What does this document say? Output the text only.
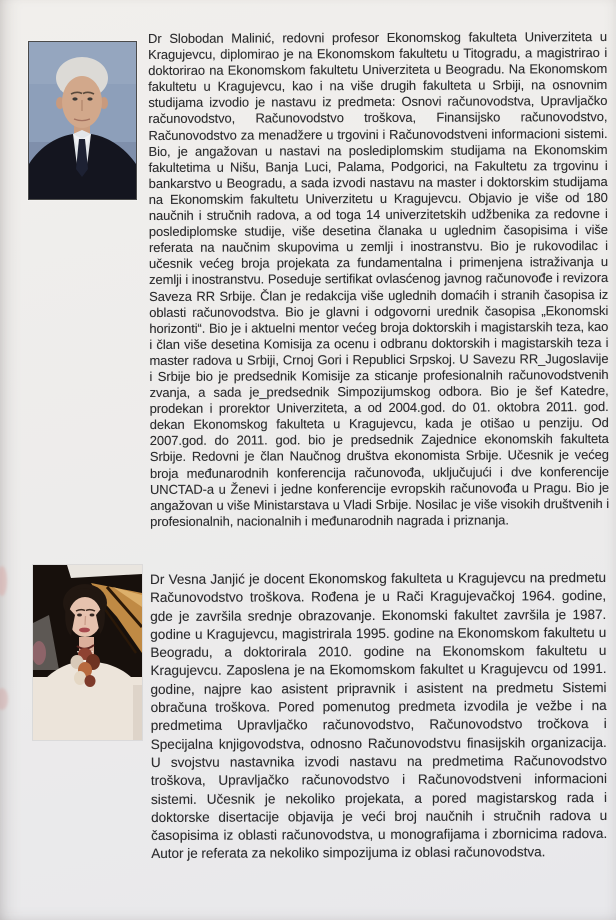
Dr Slobodan Malinić, redovni profesor Ekonomskog fakulteta Univerziteta u Kragujevcu, diplomirao je na Ekonomskom fakultetu u Titogradu, a magistrirao i doktorirao na Ekonomskom fakultetu Univerziteta u Beogradu. Na Ekonomskom fakultetu u Kragujevcu, kao i na više drugih fakulteta u Srbiji, na osnovnim studijama izvodio je nastavu iz predmeta: Osnovi računovodstva, Upravljačko računovodstvo, Računovodstvo troškova, Finansijsko računovodstvo, Računovodstvo za menadžere u trgovini i Računovodstveni informacioni sistemi. Bio, je angažovan u nastavi na poslediplomskim studijama na Ekonomskim fakultetima u Nišu, Banja Luci, Palama, Podgorici, na Fakultetu za trgovinu i bankarstvo u Beogradu, a sada izvodi nastavu na master i doktorskim studijama na Ekonomskim fakultetu Univerzitetu u Kragujevcu. Objavio je više od 180 naučnih i stručnih radova, a od toga 14 univerzitetskih udžbenika za redovne i poslediplomske studije, više desetina članaka u uglednim časopisima i više referata na naučnim skupovima u zemlji i inostranstvu. Bio je rukovodilac i učesnik većeg broja projekata za fundamentalna i primenjena istraživanja u zemlji i inostranstvu. Poseduje sertifikat ovlasćenog javnog računovođe i revizora Saveza RR Srbije. Član je redakcija više uglednih domaćih i stranih časopisa iz oblasti računovodstva. Bio je glavni i odgovorni urednik časopisa „Ekonomski horizonti“. Bio je i aktuelni mentor većeg broja doktorskih i magistarskih teza, kao i član više desetina Komisija za ocenu i odbranu doktorskih i magistarskih teza i master radova u Srbiji, Crnoj Gori i Republici Srpskoj. U Savezu RR_Jugoslavije i Srbije bio je predsednik Komisije za sticanje profesionalnih računovodstvenih zvanja, a sada je_predsednik Simpozijumskog odbora. Bio je šef Katedre, prodekan i prorektor Univerziteta, a od 2004.god. do 01. oktobra 2011. god. dekan Ekonomskog fakulteta u Kragujevcu, kada je otišao u penziju. Od 2007.god. do 2011. god. bio je predsednik Zajednice ekonomskih fakulteta Srbije. Redovni je član Naučnog društva ekonomista Srbije. Učesnik je većeg broja međunarodnih konferencija računovođa, uključujući i dve konferencije UNCTAD-a u Ženevi i jedne konferencije evropskih računovođa u Pragu. Bio je angažovan u više Ministarstava u Vladi Srbije. Nosilac je više visokih društvenih i profesionalnih, nacionalnih i međunarodnih nagrada i priznanja.

Dr Vesna Janjić je docent Ekonomskog fakulteta u Kragujevcu na predmetu Računovodstvo troškova. Rođena je u Rači Kragujevačkoj 1964. godine, gde je završila srednje obrazovanje. Ekonomski fakultet završila je 1987. godine u Kragujevcu, magistrirala 1995. godine na Ekonomskom fakultetu u Beogradu, a doktorirala 2010. godine na Ekonomskom fakultetu u Kragujevcu. Zaposlena je na Ekomomskom fakultet u Kragujevcu od 1991. godine, najpre kao asistent pripravnik i asistent na predmetu Sistemi obračuna troškova. Pored pomenutog predmeta izvodila je vežbe i na predmetima Upravljačko računovodstvo, Računovodstvo tročkova i Specijalna knjigovodstva, odnosno Računovodstvu finasijskih organizacija. U svojstvu nastavnika izvodi nastavu na predmetima Računovodstvo troškova, Upravljačko računovodstvo i Računovodstveni informacioni sistemi. Učesnik je nekoliko projekata, a pored magistarskog rada i doktorske disertacije objavija je veći broj naučnih i stručnih radova u časopisima iz oblasti računovodstva, u monografijama i zbornicima radova. Autor je referata za nekoliko simpozijuma iz oblasi računovodstva.
